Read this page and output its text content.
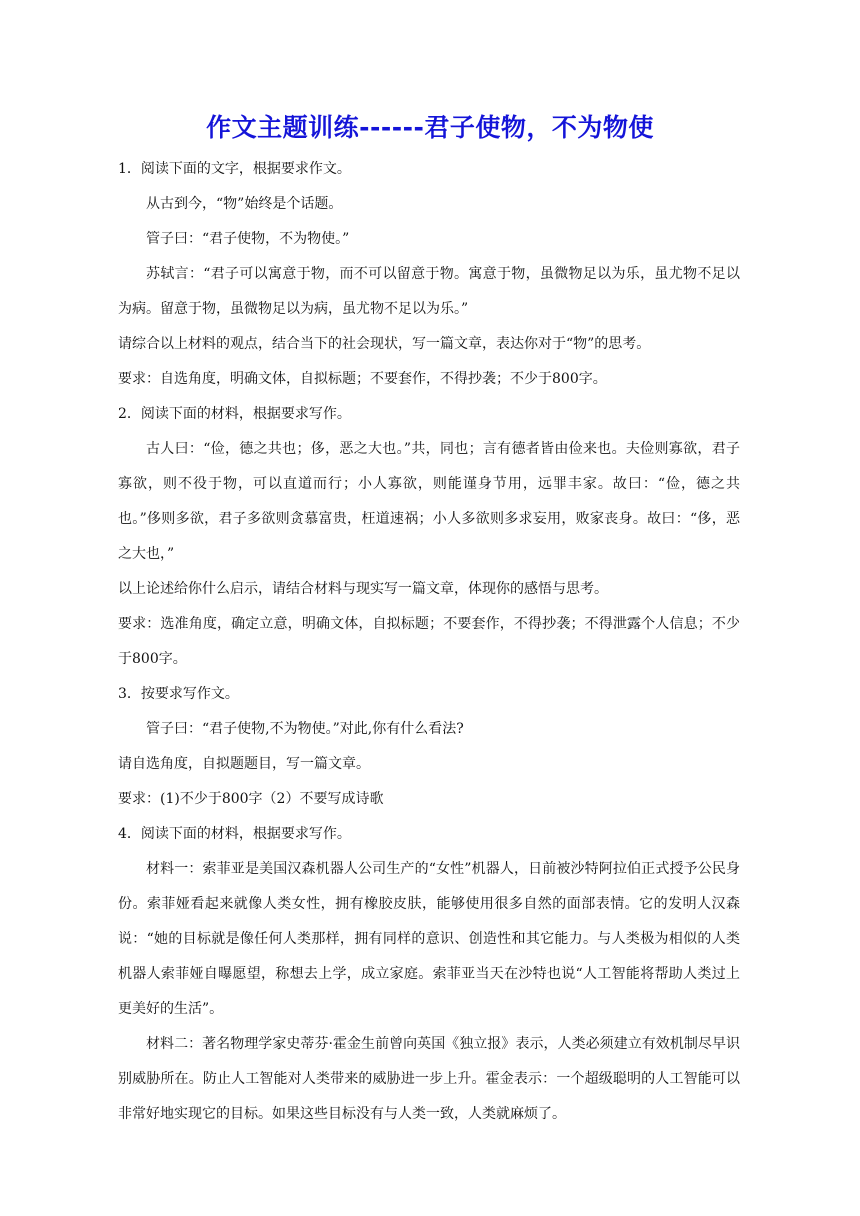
作文主题训练------君子使物，不为物使
1．阅读下面的文字，根据要求作文。
从古到今，“物”始终是个话题。
管子曰：“君子使物，不为物使。”
苏轼言：“君子可以寓意于物，而不可以留意于物。寓意于物，虽微物足以为乐，虽尤物不足以为病。留意于物，虽微物足以为病，虽尤物不足以为乐。”
请综合以上材料的观点，结合当下的社会现状，写一篇文章，表达你对于“物”的思考。
要求：自选角度，明确文体，自拟标题；不要套作，不得抄袭；不少于800字。
2．阅读下面的材料，根据要求写作。
古人曰：“俭，德之共也；侈，恶之大也。”共，同也；言有德者皆由俭来也。夫俭则寡欲，君子寡欲，则不役于物，可以直道而行；小人寡欲，则能谨身节用，远罪丰家。故曰：“俭，德之共也。”侈则多欲，君子多欲则贪慕富贵，枉道速祸；小人多欲则多求妄用，败家丧身。故曰：“侈，恶之大也，”
以上论述给你什么启示，请结合材料与现实写一篇文章，体现你的感悟与思考。
要求：选准角度，确定立意，明确文体，自拟标题；不要套作，不得抄袭；不得泄露个人信息；不少于800字。
3．按要求写作文。
管子曰：“君子使物,不为物使。”对此,你有什么看法?
请自选角度，自拟题题目，写一篇文章。
要求：(1)不少于800字（2）不要写成诗歌
4．阅读下面的材料，根据要求写作。
材料一：索菲亚是美国汉森机器人公司生产的“女性”机器人，日前被沙特阿拉伯正式授予公民身份。索菲娅看起来就像人类女性，拥有橡胶皮肤，能够使用很多自然的面部表情。它的发明人汉森说：“她的目标就是像任何人类那样，拥有同样的意识、创造性和其它能力。与人类极为相似的人类机器人索菲娅自曝愿望，称想去上学，成立家庭。索菲亚当天在沙特也说“人工智能将帮助人类过上更美好的生活”。
材料二：著名物理学家史蒂芬·霍金生前曾向英国《独立报》表示，人类必须建立有效机制尽早识别威胁所在。防止人工智能对人类带来的威胁进一步上升。霍金表示：一个超级聪明的人工智能可以非常好地实现它的目标。如果这些目标没有与人类一致，人类就麻烦了。
